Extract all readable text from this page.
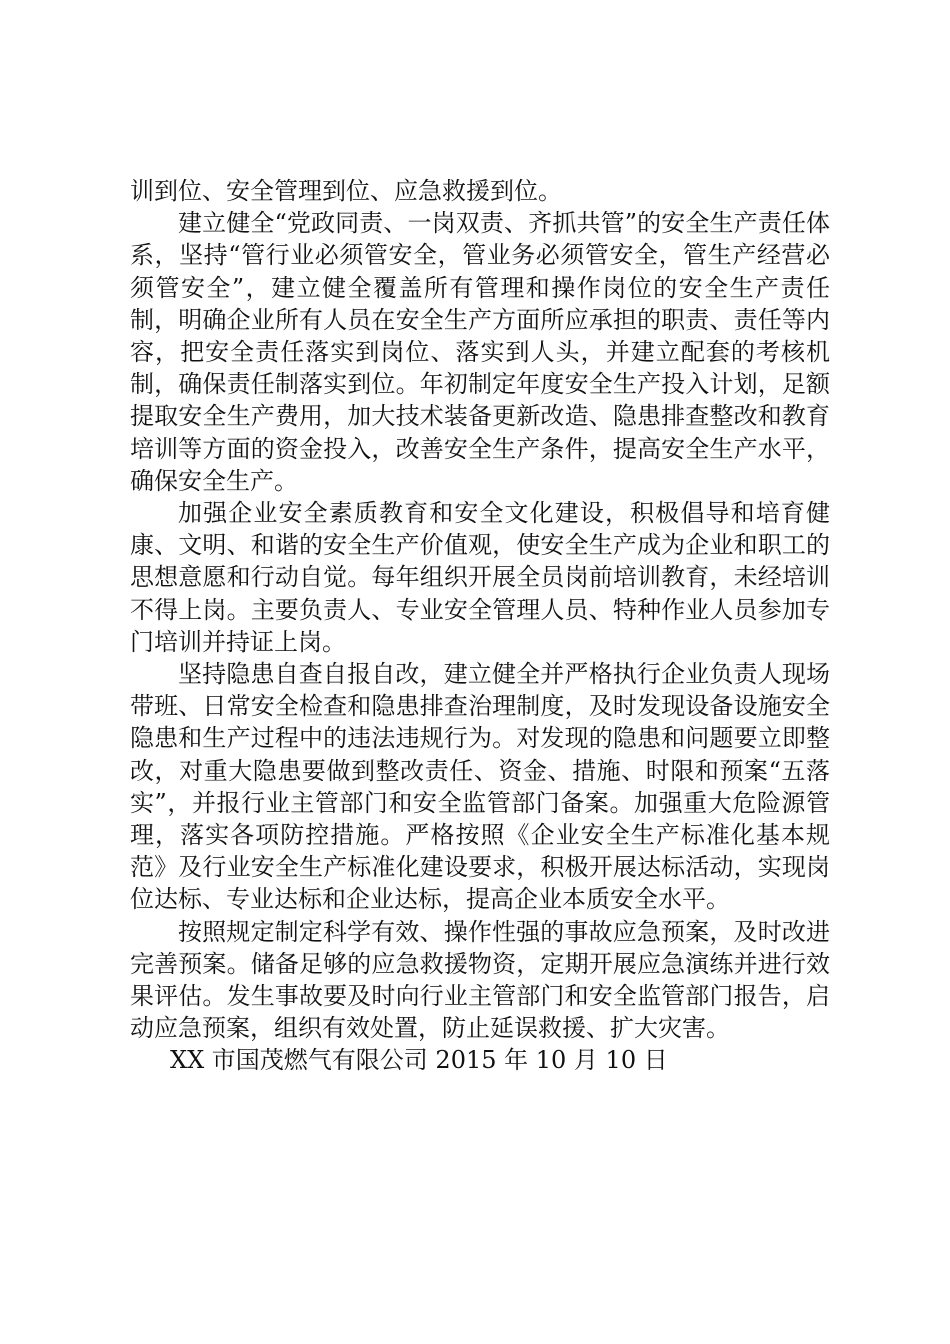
训到位、安全管理到位、应急救援到位。

建立健全“党政同责、一岗双责、齐抓共管”的安全生产责任体系，坚持“管行业必须管安全，管业务必须管安全，管生产经营必须管安全”，建立健全覆盖所有管理和操作岗位的安全生产责任制，明确企业所有人员在安全生产方面所应承担的职责、责任等内容，把安全责任落实到岗位、落实到人头，并建立配套的考核机制，确保责任制落实到位。年初制定年度安全生产投入计划，足额提取安全生产费用，加大技术装备更新改造、隐患排查整改和教育培训等方面的资金投入，改善安全生产条件，提高安全生产水平，确保安全生产。

加强企业安全素质教育和安全文化建设，积极倡导和培育健康、文明、和谐的安全生产价值观，使安全生产成为企业和职工的思想意愿和行动自觉。每年组织开展全员岗前培训教育，未经培训不得上岗。主要负责人、专业安全管理人员、特种作业人员参加专门培训并持证上岗。

坚持隐患自查自报自改，建立健全并严格执行企业负责人现场带班、日常安全检查和隐患排查治理制度，及时发现设备设施安全隐患和生产过程中的违法违规行为。对发现的隐患和问题要立即整改，对重大隐患要做到整改责任、资金、措施、时限和预案“五落实”，并报行业主管部门和安全监管部门备案。加强重大危险源管理，落实各项防控措施。严格按照《企业安全生产标准化基本规范》及行业安全生产标准化建设要求，积极开展达标活动，实现岗位达标、专业达标和企业达标，提高企业本质安全水平。

按照规定制定科学有效、操作性强的事故应急预案，及时改进完善预案。储备足够的应急救援物资，定期开展应急演练并进行效果评估。发生事故要及时向行业主管部门和安全监管部门报告，启动应急预案，组织有效处置，防止延误救援、扩大灾害。

XX 市国茂燃气有限公司 2015 年 10 月 10 日
